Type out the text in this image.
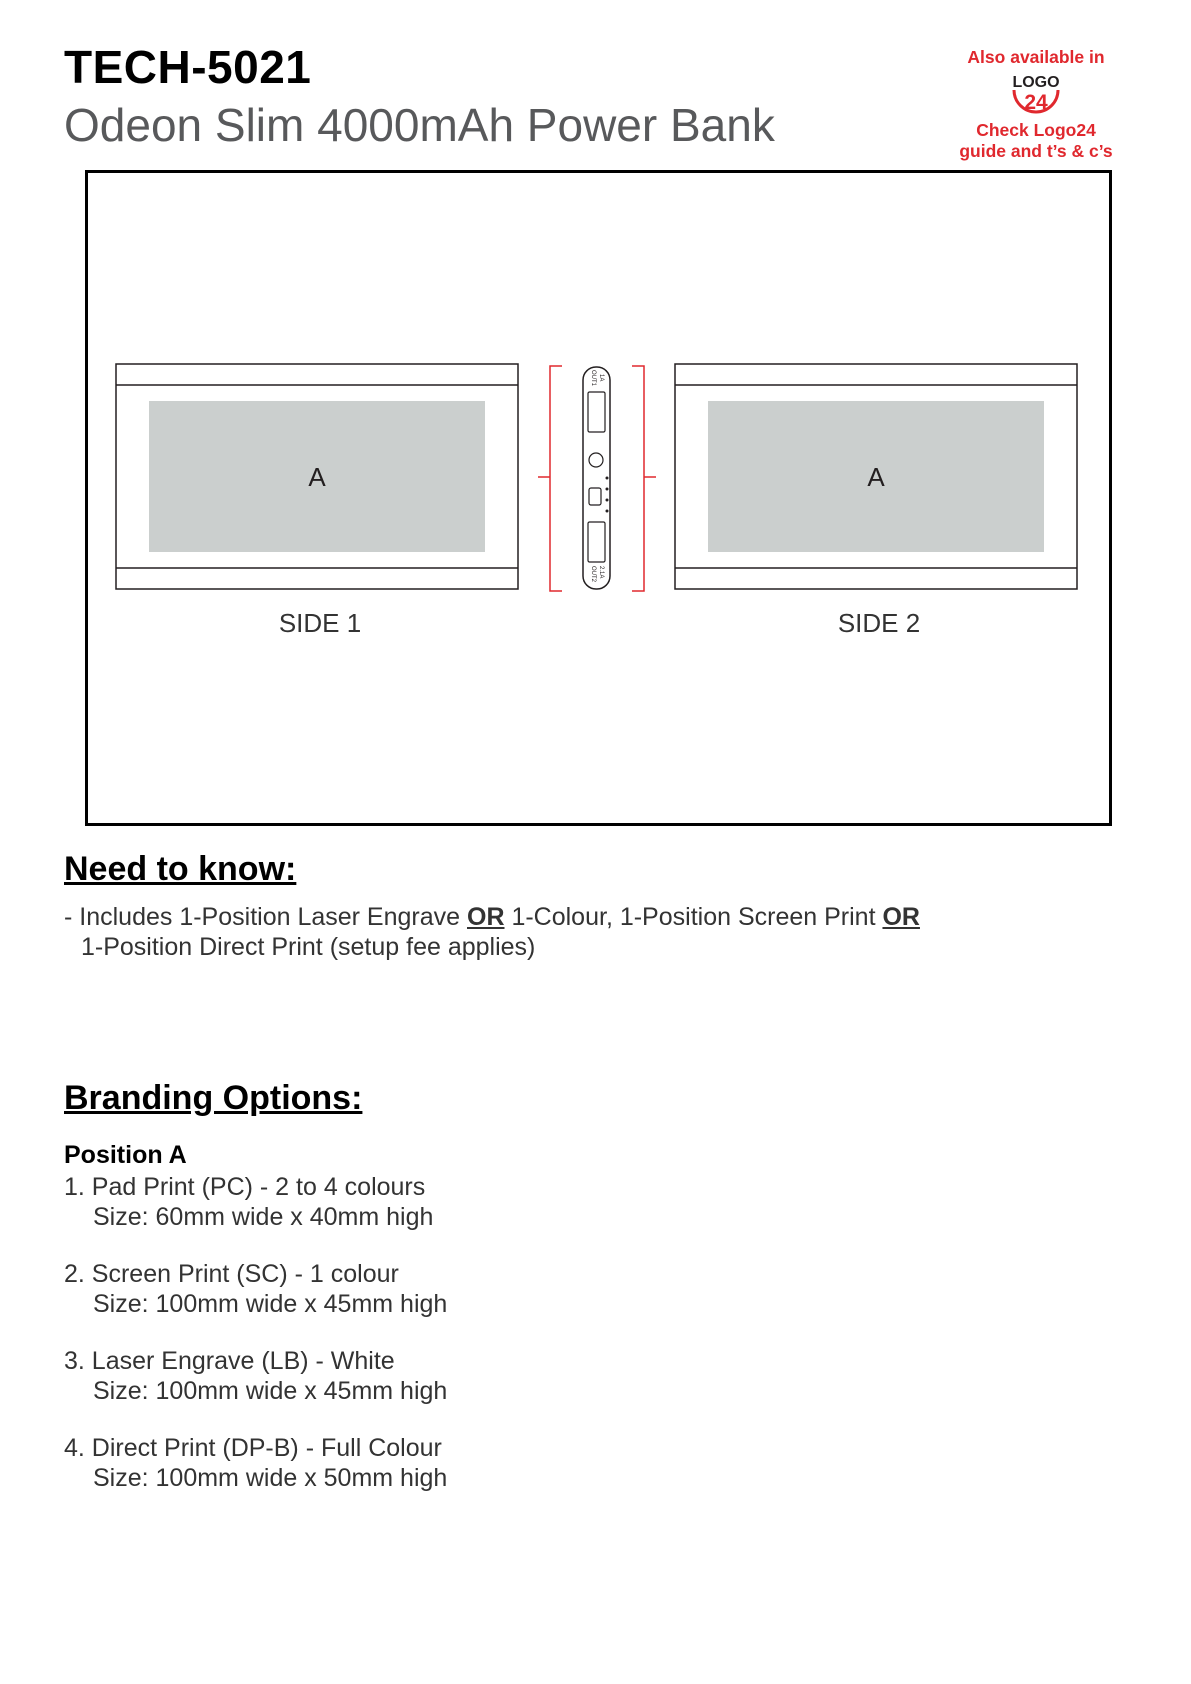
TECH-5021
Odeon Slim 4000mAh Power Bank
Also available in
LOGO
24
Check Logo24
guide and t’s & c’s
A	A
OUT1 1A
OUT2 2.1A
SIDE 1	SIDE 2
Need to know:
- Includes 1-Position Laser Engrave OR 1-Colour, 1-Position Screen Print OR
1-Position Direct Print (setup fee applies)
Branding Options:
Position A
1. Pad Print (PC) - 2 to 4 colours
Size: 60mm wide x 40mm high
2. Screen Print (SC) - 1 colour
Size: 100mm wide x 45mm high
3. Laser Engrave (LB) - White
Size: 100mm wide x 45mm high
4. Direct Print (DP-B) - Full Colour
Size: 100mm wide x 50mm high
